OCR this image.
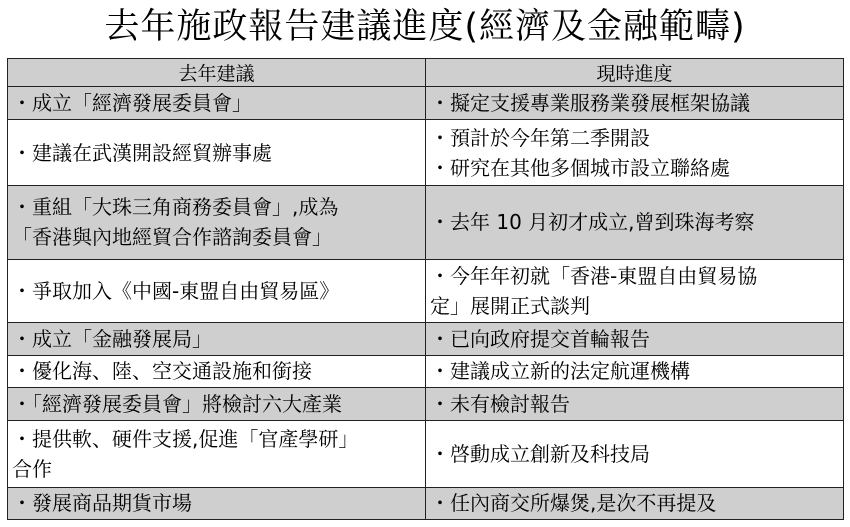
去年施政報告建議進度(經濟及金融範疇)
去年建議	現時進度

・成立「經濟發展委員會」	・擬定支援專業服務業發展框架協議

・建議在武漢開設經貿辦事處	・預計於今年第二季開設
・研究在其他多個城市設立聯絡處

・重組「大珠三角商務委員會」,成為
「香港與內地經貿合作諮詢委員會」	・去年 10 月初才成立,曾到珠海考察

・爭取加入《中國-東盟自由貿易區》	・今年年初就「香港-東盟自由貿易協
定」展開正式談判

・成立「金融發展局」	・已向政府提交首輪報告

・優化海、陸、空交通設施和銜接	・建議成立新的法定航運機構

・「經濟發展委員會」將檢討六大產業	・未有檢討報告

・提供軟、硬件支援,促進「官產學研」
合作	・啓動成立創新及科技局

・發展商品期貨市場	・任內商交所爆煲,是次不再提及
